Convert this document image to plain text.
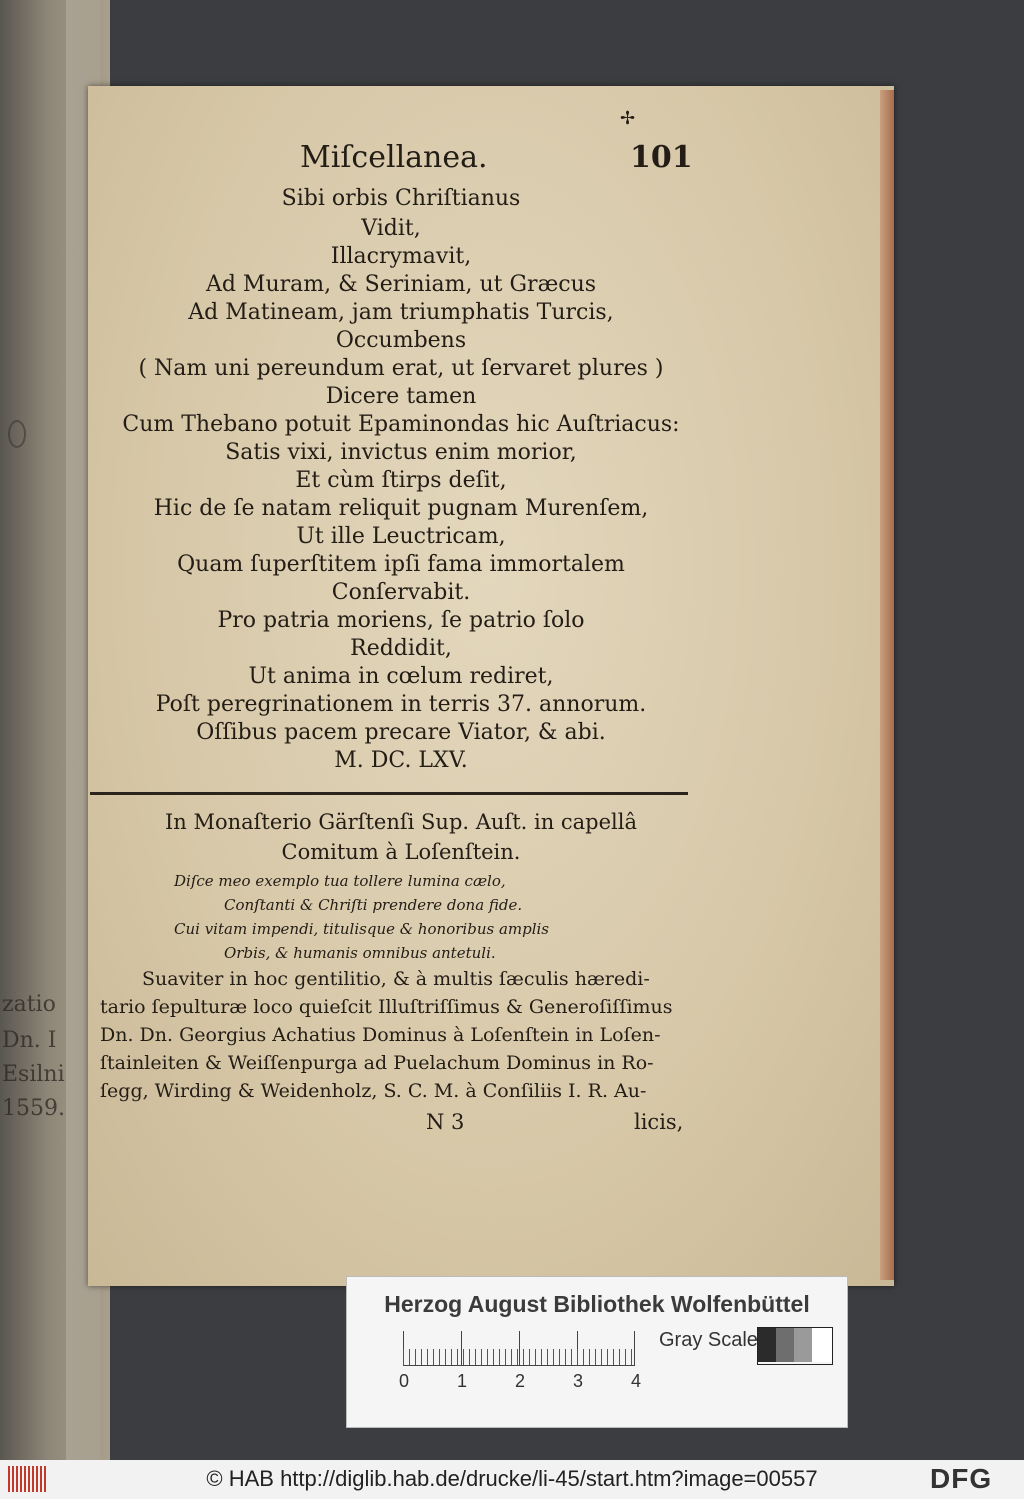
zatio
Dn. I
Esilni
1559.
✢
Miſcellanea.	101
Sibi orbis Chriſtianus
Vidit,
Illacrymavit,
Ad Muram, & Seriniam, ut Græcus
Ad Matineam, jam triumphatis Turcis,
Occumbens
( Nam uni pereundum erat, ut ſervaret plures )
Dicere tamen
Cum Thebano potuit Epaminondas hic Auſtriacus:
Satis vixi, invictus enim morior,
Et cùm ſtirps deſit,
Hic de ſe natam reliquit pugnam Murenſem,
Ut ille Leuctricam,
Quam ſuperſtitem ipſi fama immortalem
Conſervabit.
Pro patria moriens, ſe patrio ſolo
Reddidit,
Ut anima in cœlum rediret,
Poſt peregrinationem in terris 37. annorum.
Oſſibus pacem precare Viator, & abi.
M. DC. LXV.
In Monaſterio Gärſtenſi Sup. Auſt. in capellâ
Comitum à Loſenſtein.
Diſce meo exemplo tua tollere lumina cælo,
Conſtanti & Chriſti prendere dona fide.
Cui vitam impendi, titulisque & honoribus amplis
Orbis, & humanis omnibus antetuli.
Suaviter in hoc gentilitio, & à multis ſæculis hæredi-
tario ſepulturæ loco quieſcit Illuſtriſſimus & Generoſiſſimus
Dn. Dn. Georgius Achatius Dominus à Loſenſtein in Loſen-
ſtainleiten & Weiſſenpurga ad Puelachum Dominus in Ro-
ſegg, Wirding & Weidenholz, S. C. M. à Conſiliis I. R. Au-
N 3	licis,
Herzog August Bibliothek Wolfenbüttel
0	1	2	3	4
Gray Scale
© HAB http://diglib.hab.de/drucke/li-45/start.htm?image=00557	DFG
